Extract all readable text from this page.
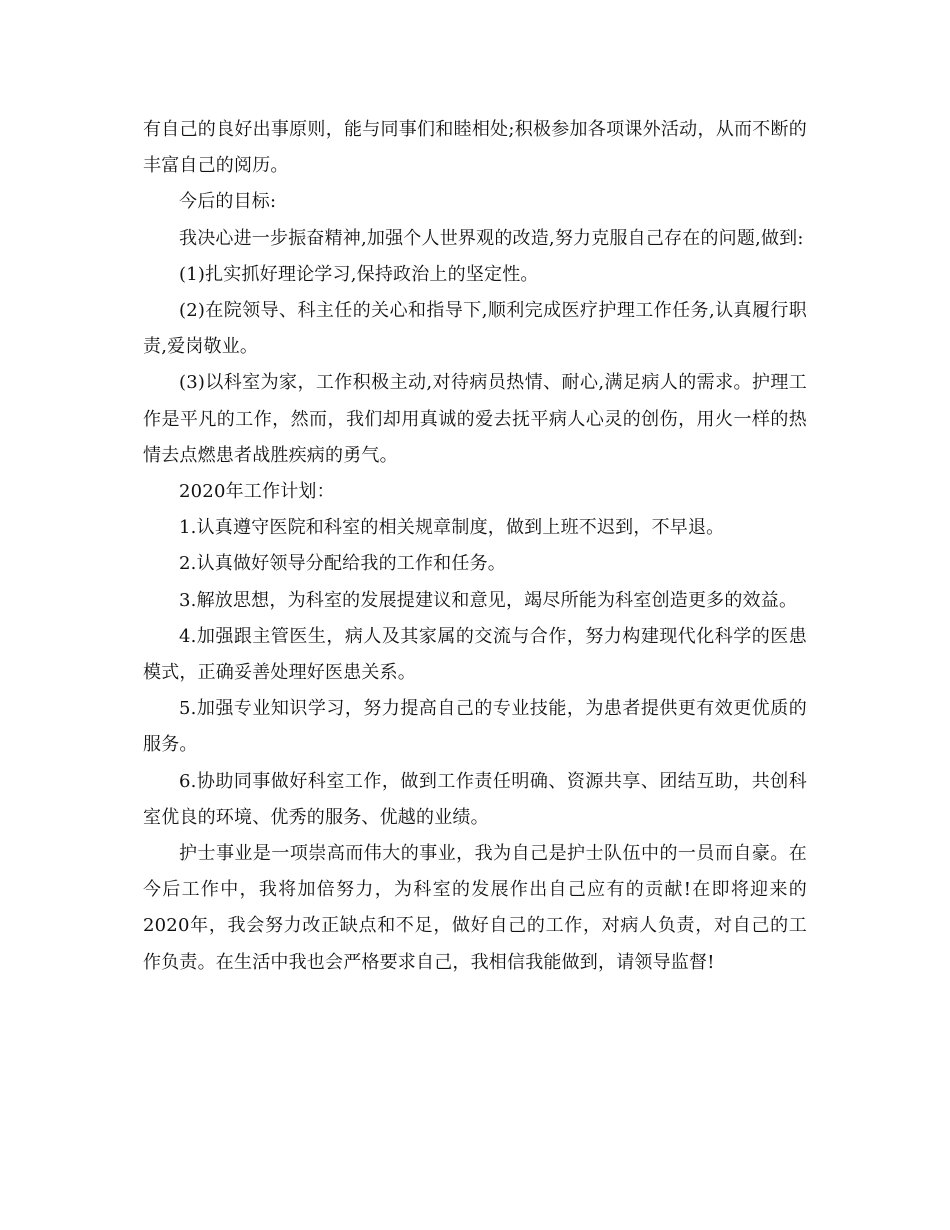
有自己的良好出事原则，能与同事们和睦相处;积极参加各项课外活动，从而不断的丰富自己的阅历。

今后的目标:

我决心进一步振奋精神,加强个人世界观的改造,努力克服自己存在的问题,做到:

(1)扎实抓好理论学习,保持政治上的坚定性。

(2)在院领导、科主任的关心和指导下,顺利完成医疗护理工作任务,认真履行职责,爱岗敬业。

(3)以科室为家，工作积极主动,对待病员热情、耐心,满足病人的需求。护理工作是平凡的工作，然而，我们却用真诚的爱去抚平病人心灵的创伤，用火一样的热情去点燃患者战胜疾病的勇气。

2020年工作计划：

1.认真遵守医院和科室的相关规章制度，做到上班不迟到，不早退。

2.认真做好领导分配给我的工作和任务。

3.解放思想，为科室的发展提建议和意见，竭尽所能为科室创造更多的效益。

4.加强跟主管医生，病人及其家属的交流与合作，努力构建现代化科学的医患模式，正确妥善处理好医患关系。

5.加强专业知识学习，努力提高自己的专业技能，为患者提供更有效更优质的服务。

6.协助同事做好科室工作，做到工作责任明确、资源共享、团结互助，共创科室优良的环境、优秀的服务、优越的业绩。

护士事业是一项崇高而伟大的事业，我为自己是护士队伍中的一员而自豪。在今后工作中，我将加倍努力，为科室的发展作出自己应有的贡献!在即将迎来的2020年，我会努力改正缺点和不足，做好自己的工作，对病人负责，对自己的工作负责。在生活中我也会严格要求自己，我相信我能做到，请领导监督!
